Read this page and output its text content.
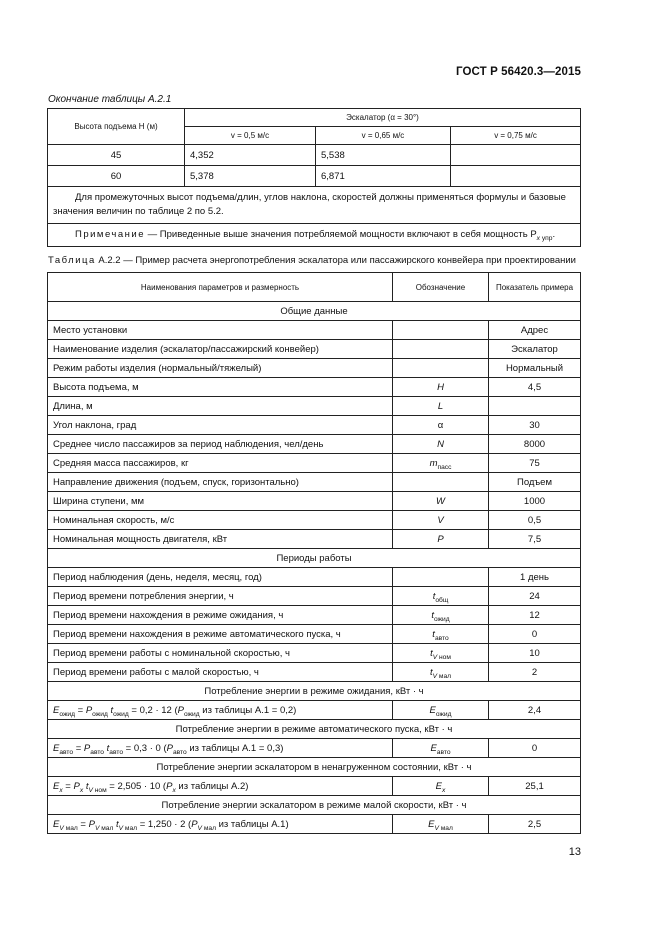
ГОСТ Р 56420.3—2015
Окончание таблицы А.2.1
Высота подъема H (м)	Эскалатор (α = 30°)		
	v = 0,5 м/с	v = 0,65 м/с	v = 0,75 м/с
45	4,352	5,538	
60	5,378	6,871	
Для промежуточных высот подъема/длин, углов наклона, скоростей должны применяться формулы и базовые значения величин по таблице 2 по 5.2.			
Примечание — Приведенные выше значения потребляемой мощности включают в себя мощность $P_{x упр}$.			
Таблица А.2.2 — Пример расчета энергопотребления эскалатора или пассажирского конвейера при проектировании
Наименования параметров и размерность	Обозначение	Показатель примера
Общие данные		
Место установки		Адрес
Наименование изделия (эскалатор/пассажирский конвейер)		Эскалатор
Режим работы изделия (нормальный/тяжелый)		Нормальный
Высота подъема, м	H	4,5
Длина, м	L	
Угол наклона, град	α	30
Среднее число пассажиров за период наблюдения, чел/день	N	8000
Средняя масса пассажиров, кг	$m_{пасс}$	75
Направление движения (подъем, спуск, горизонтально)		Подъем
Ширина ступени, мм	W	1000
Номинальная скорость, м/с	V	0,5
Номинальная мощность двигателя, кВт	P	7,5
Периоды работы		
Период наблюдения (день, неделя, месяц, год)		1 день
Период времени потребления энергии, ч	$t_{общ}$	24
Период времени нахождения в режиме ожидания, ч	$t_{ожид}$	12
Период времени нахождения в режиме автоматического пуска, ч	$t_{авто}$	0
Период времени работы с номинальной скоростью, ч	$t_{V ном}$	10
Период времени работы с малой скоростью, ч	$t_{V мал}$	2
Потребление энергии в режиме ожидания, кВт · ч		
$E_{ожид} = P_{ожид}$ $t_{ожид} = 0,2 \cdot 12$ ($P_{ожид}$ из таблицы А.1 = 0,2)	$E_{ожид}$	2,4
Потребление энергии в режиме автоматического пуска, кВт · ч		
$E_{авто} = P_{авто}$ $t_{авто} = 0,3 \cdot 0$ ($P_{авто}$ из таблицы А.1 = 0,3)	$E_{авто}$	0
Потребление энергии эскалатором в ненагруженном состоянии, кВт · ч		
$E_x = P_x$ $t_{V ном} = 2,505 \cdot 10$ ($P_x$ из таблицы А.2)	$E_x$	25,1
Потребление энергии эскалатором в режиме малой скорости, кВт · ч		
$E_{V мал} = P_{V мал}$ $t_{V мал} = 1,250 \cdot 2$ ($P_{V мал}$ из таблицы А.1)	$E_{V мал}$	2,5
13
